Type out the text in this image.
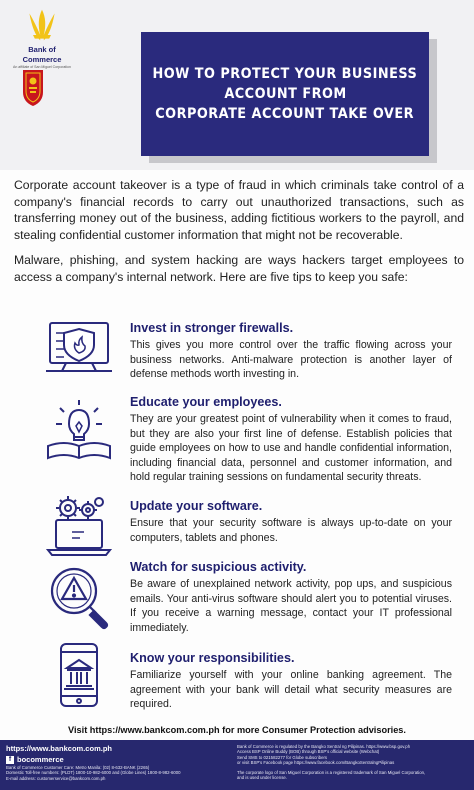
Bank of
Commerce
An affiliate of San Miguel Corporation	HOW TO PROTECT YOUR BUSINESS
ACCOUNT FROM
CORPORATE ACCOUNT TAKE OVER

Corporate account takeover is a type of fraud in which criminals take control of a company's financial records to carry out unauthorized transactions, such as transferring money out of the business, adding fictitious workers to the payroll, and stealing confidential customer information that might not be recoverable.

Malware, phishing, and system hacking are ways hackers target employees to access a company's internal network. Here are five tips to keep you safe:

Invest in stronger firewalls.
This gives you more control over the traffic flowing across your business networks. Anti-malware protection is another layer of defense methods worth investing in.
Educate your employees.
They are your greatest point of vulnerability when it comes to fraud, but they are also your first line of defense. Establish policies that guide employees on how to use and handle confidential information, including financial data, personnel and customer information, and hold regular training sessions on fundamental security threats.
Update your software.
Ensure that your security software is always up-to-date on your computers, tablets and phones.
Watch for suspicious activity.
Be aware of unexplained network activity, pop ups, and suspicious emails. Your anti-virus software should alert you to potential viruses. If you receive a warning message, contact your IT professional immediately.
Know your responsibilities.
Familiarize yourself with your online banking agreement. The agreement with your bank will detail what security measures are required.
Visit https://www.bankcom.com.ph for more Consumer Protection advisories.
https://www.bankcom.com.ph
f bocommerce
Bank of Commerce Customer Care: Metro Manila: (02) 8-632-BANK (2265)
Domestic Toll-free numbers: (PLDT) 1800-10-982-6000 and (Globe Lines) 1800-8-982-6000
E-mail address: customerservice@bankcom.com.ph
Bank of Commerce is regulated by the Bangko Sentral ng Pilipinas. https://www.bsp.gov.ph
Access BSP Online Buddy (BOB) through BSP's official website (Webchat)
Send SMS to 021582277 for Globe subscribers
or visit BSP's Facebook page https://www.facebook.com/BangkoSentralngPilipinas
The corporate logo of San Miguel Corporation is a registered trademark of San Miguel Corporation,
and is used under license.
